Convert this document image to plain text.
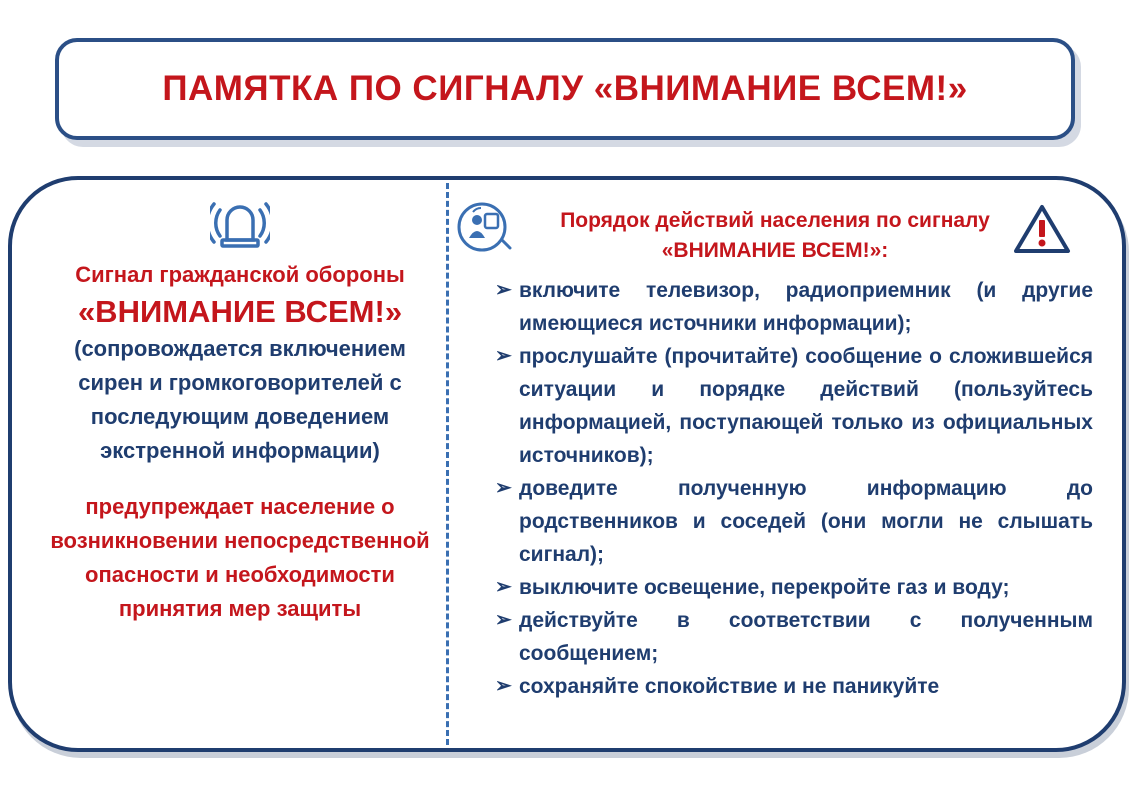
ПАМЯТКА ПО СИГНАЛУ «ВНИМАНИЕ ВСЕМ!»
Сигнал гражданской обороны
«ВНИМАНИЕ ВСЕМ!»
(сопровождается включением сирен и громкоговорителей с последующим доведением экстренной информации)
предупреждает население о возникновении непосредственной опасности и необходимости принятия мер защиты
Порядок действий населения по сигналу
«ВНИМАНИЕ ВСЕМ!»:
➢ включите телевизор, радиоприемник (и другие имеющиеся источники информации);
➢ прослушайте (прочитайте) сообщение о сложившейся ситуации и порядке действий (пользуйтесь информацией, поступающей только из официальных источников);
➢ доведите полученную информацию до родственников и соседей (они могли не слышать сигнал);
➢ выключите освещение, перекройте газ и воду;
➢ действуйте в соответствии с полученным сообщением;
➢ сохраняйте спокойствие и не паникуйте
